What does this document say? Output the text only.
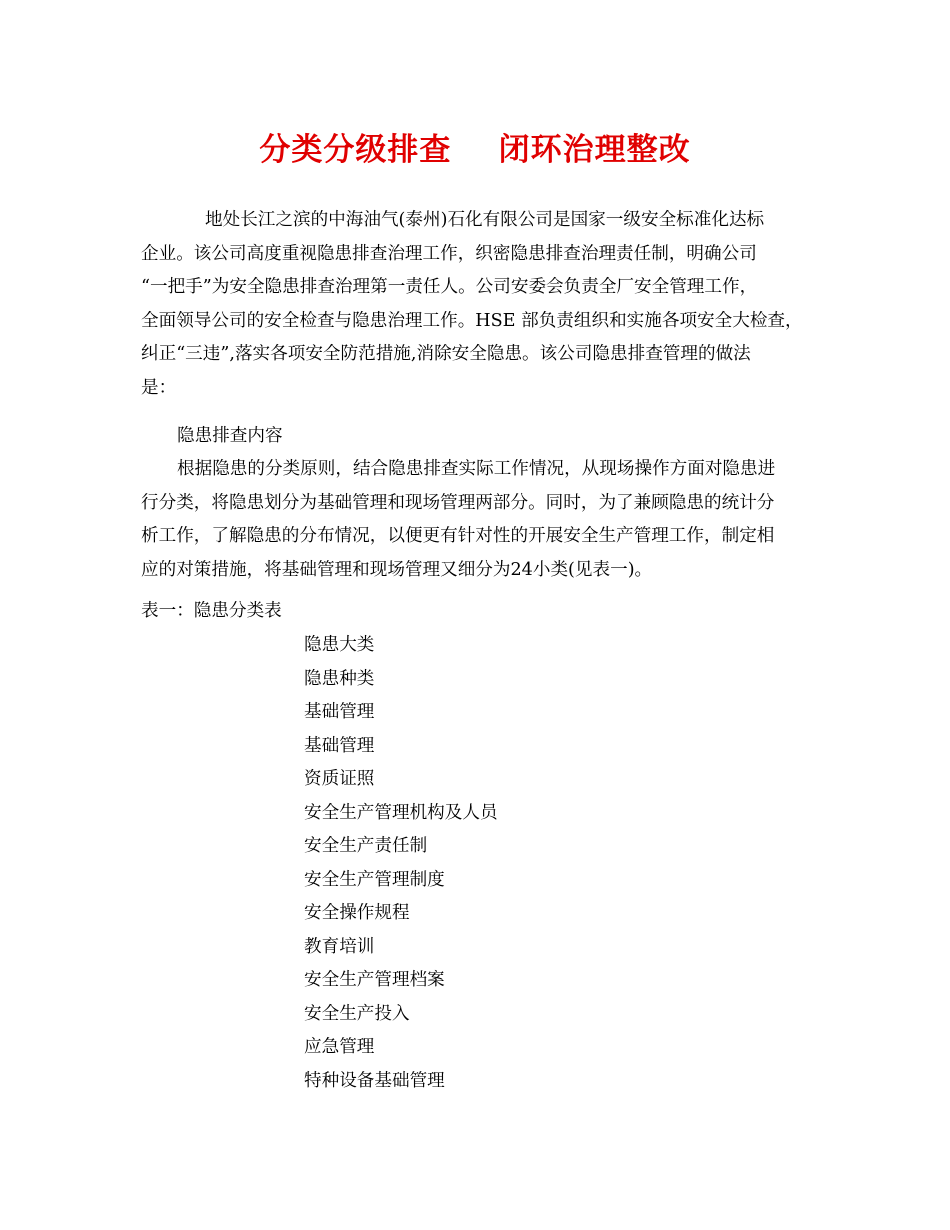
分类分级排查    闭环治理整改
地处长江之滨的中海油气(泰州)石化有限公司是国家一级安全标准化达标
企业。该公司高度重视隐患排查治理工作，织密隐患排查治理责任制，明确公司
“一把手”为安全隐患排查治理第一责任人。公司安委会负责全厂安全管理工作，
全面领导公司的安全检查与隐患治理工作。HSE 部负责组织和实施各项安全大检查，
纠正“三违”,落实各项安全防范措施,消除安全隐患。该公司隐患排查管理的做法
是：
隐患排查内容
根据隐患的分类原则，结合隐患排查实际工作情况，从现场操作方面对隐患进
行分类，将隐患划分为基础管理和现场管理两部分。同时，为了兼顾隐患的统计分
析工作，了解隐患的分布情况，以便更有针对性的开展安全生产管理工作，制定相
应的对策措施，将基础管理和现场管理又细分为24小类(见表一)。
表一：隐患分类表
隐患大类
隐患种类
基础管理
基础管理
资质证照
安全生产管理机构及人员
安全生产责任制
安全生产管理制度
安全操作规程
教育培训
安全生产管理档案
安全生产投入
应急管理
特种设备基础管理
